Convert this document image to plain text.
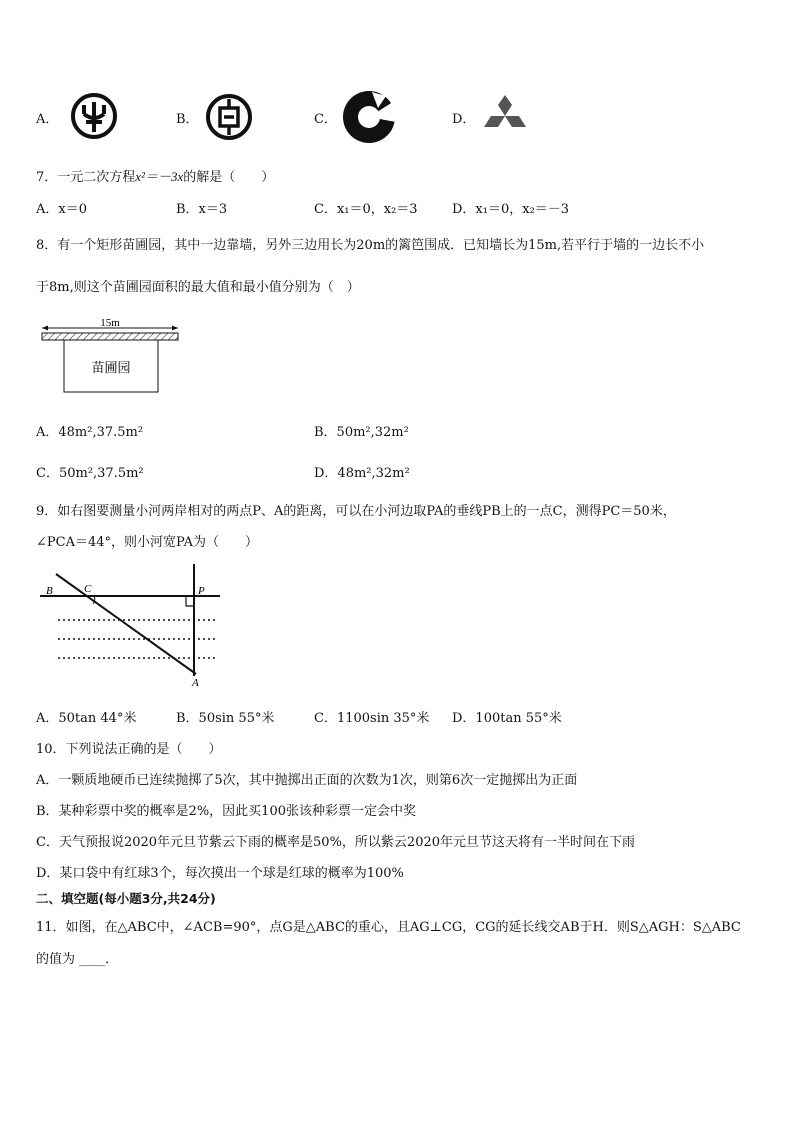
A．	B．	C．	D．
7．一元二次方程x²＝－3x的解是（　　）
A．x＝0	B．x＝3	C．x₁＝0，x₂＝3	D．x₁＝0，x₂＝－3
8．有一个矩形苗圃园，其中一边靠墙，另外三边用长为20m的篱笆围成．已知墙长为15m,若平行于墙的一边长不小
于8m,则这个苗圃园面积的最大值和最小值分别为（　）
15m
苗圃园
A．48m²,37.5m²	B．50m²,32m²
C．50m²,37.5m²	D．48m²,32m²
9．如右图要测量小河两岸相对的两点P、A的距离，可以在小河边取PA的垂线PB上的一点C，测得PC＝50米，
∠PCA＝44°，则小河宽PA为（　　）
B	C	P
A
A．50tan 44°米	B．50sin 55°米	C．1100sin 35°米 D．100tan 55°米
10．下列说法正确的是（　　）
A．一颗质地硬币已连续抛掷了5次，其中抛掷出正面的次数为1次，则第6次一定抛掷出为正面
B．某种彩票中奖的概率是2%，因此买100张该种彩票一定会中奖
C．天气预报说2020年元旦节紫云下雨的概率是50%，所以紫云2020年元旦节这天将有一半时间在下雨
D．某口袋中有红球3个，每次摸出一个球是红球的概率为100%
二、填空题(每小题3分,共24分)
11．如图，在△ABC中，∠ACB=90°，点G是△ABC的重心，且AG⊥CG，CG的延长线交AB于H．则S△AGH：S△ABC
的值为 ____．
